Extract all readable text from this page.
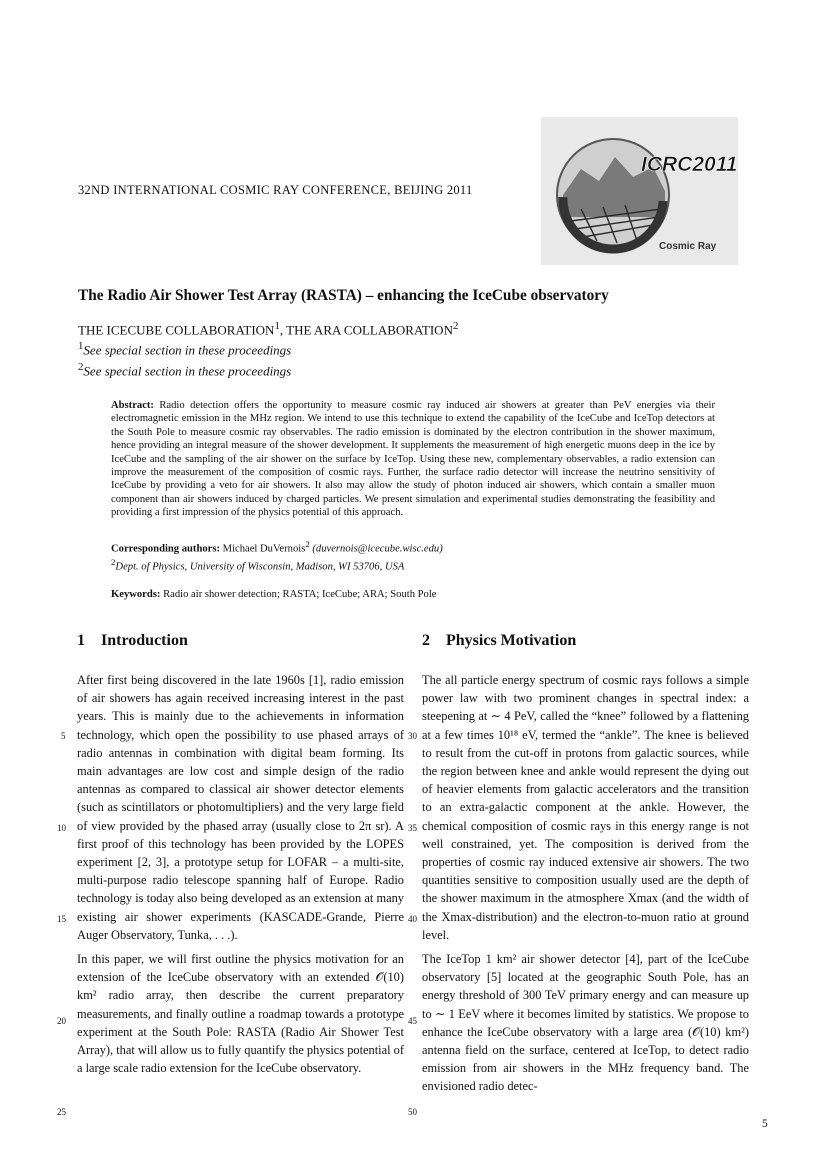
32ND INTERNATIONAL COSMIC RAY CONFERENCE, BEIJING 2011
ICRC2011
Cosmic Ray
The Radio Air Shower Test Array (RASTA) – enhancing the IceCube observatory
THE ICECUBE COLLABORATION$^1$, THE ARA COLLABORATION$^2$
$^1$See special section in these proceedings
$^2$See special section in these proceedings

Abstract: Radio detection offers the opportunity to measure cosmic ray induced air showers at greater than PeV energies via their electromagnetic emission in the MHz region. We intend to use this technique to extend the capability of the IceCube and IceTop detectors at the South Pole to measure cosmic ray observables. The radio emission is dominated by the electron contribution in the shower maximum, hence providing an integral measure of the shower development. It supplements the measurement of high energetic muons deep in the ice by IceCube and the sampling of the air shower on the surface by IceTop. Using these new, complementary observables, a radio extension can improve the measurement of the composition of cosmic rays. Further, the surface radio detector will increase the neutrino sensitivity of IceCube by providing a veto for air showers. It also may allow the study of photon induced air showers, which contain a smaller muon component than air showers induced by charged particles. We present simulation and experimental studies demonstrating the feasibility and providing a first impression of the physics potential of this approach.

Corresponding authors: Michael DuVernois$^2$ (duvernois@icecube.wisc.edu)

$^2$Dept. of Physics, University of Wisconsin, Madison, WI 53706, USA

Keywords: Radio air shower detection; RASTA; IceCube; ARA; South Pole

1 Introduction

After first being discovered in the late 1960s [1], radio emission of air showers has again received increasing interest in the past years. This is mainly due to the achievements in information technology, which open the possibility to use phased arrays of radio antennas in combination with digital beam forming. Its main advantages are low cost and simple design of the radio antennas as compared to classical air shower detector elements (such as scintillators or photomultipliers) and the very large field of view provided by the phased array (usually close to 2π sr). A first proof of this technology has been provided by the LOPES experiment [2, 3], a prototype setup for LOFAR – a multi-site, multi-purpose radio telescope spanning half of Europe. Radio technology is today also being developed as an extension at many existing air shower experiments (KASCADE-Grande, Pierre Auger Observatory, Tunka, . . .).

In this paper, we will first outline the physics motivation for an extension of the IceCube observatory with an extended 𝒪(10) km² radio array, then describe the current preparatory measurements, and finally outline a roadmap towards a prototype experiment at the South Pole: RASTA (Radio Air Shower Test Array), that will allow us to fully quantify the physics potential of a large scale radio extension for the IceCube observatory.

2 Physics Motivation

The all particle energy spectrum of cosmic rays follows a simple power law with two prominent changes in spectral index: a steepening at ∼ 4 PeV, called the “knee” followed by a flattening at a few times 10¹⁸ eV, termed the “ankle”. The knee is believed to result from the cut-off in protons from galactic sources, while the region between knee and ankle would represent the dying out of heavier elements from galactic accelerators and the transition to an extra-galactic component at the ankle. However, the chemical composition of cosmic rays in this energy range is not well constrained, yet. The composition is derived from the properties of cosmic ray induced extensive air showers. The two quantities sensitive to composition usually used are the depth of the shower maximum in the atmosphere Xmax (and the width of the Xmax-distribution) and the electron-to-muon ratio at ground level.

The IceTop 1 km² air shower detector [4], part of the IceCube observatory [5] located at the geographic South Pole, has an energy threshold of 300 TeV primary energy and can measure up to ∼ 1 EeV where it becomes limited by statistics. We propose to enhance the IceCube observatory with a large area (𝒪(10) km²) antenna field on the surface, centered at IceTop, to detect radio emission from air showers in the MHz frequency band. The envisioned radio detec-

5
10
15
20
25
30
35
40
45
50
5
